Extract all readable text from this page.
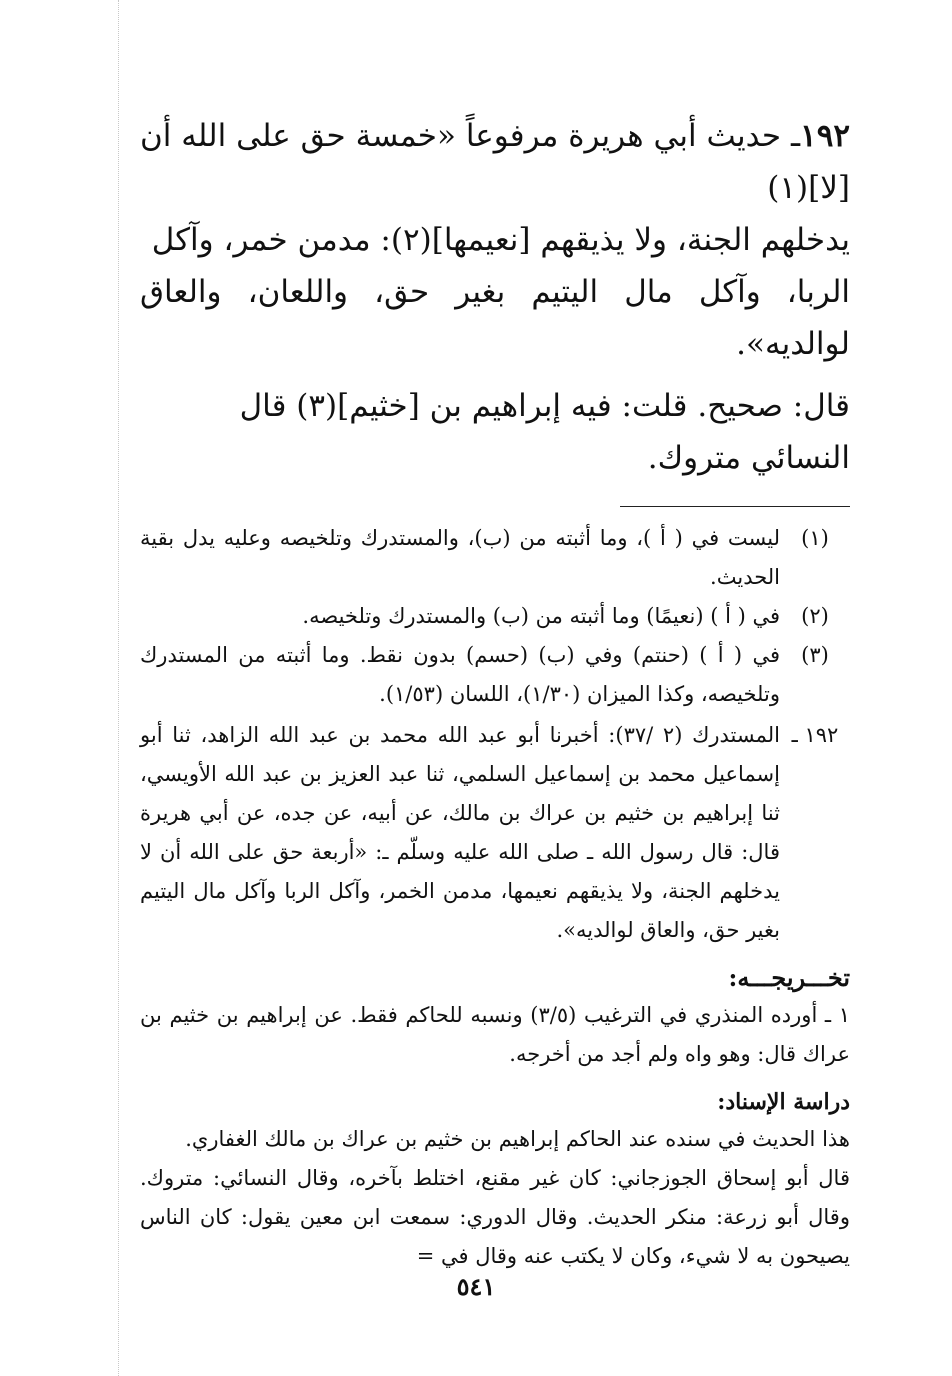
١٩٢ـ حديث أبي هريرة مرفوعاً «خمسة حق على الله أن [لا](١)

يدخلهم الجنة، ولا يذيقهم [نعيمها](٢): مدمن خمر، وآكل

الربا، وآكل مال اليتيم بغير حق، واللعان، والعاق لوالديه».

قال: صحيح. قلت: فيه إبراهيم بن [خثيم](٣) قال

النسائي متروك.

(١)
ليست في ( أ )، وما أثبته من (ب)، والمستدرك وتلخيصه وعليه يدل بقية الحديث.
(٢)
في ( أ ) (نعيمًا) وما أثبته من (ب) والمستدرك وتلخيصه.
(٣)
في ( أ ) (حنتم) وفي (ب) (حسم) بدون نقط. وما أثبته من المستدرك وتلخيصه، وكذا الميزان (١/٣٠)، اللسان (١/٥٣).
١٩٢ ـ
المستدرك (٢ /٣٧): أخبرنا أبو عبد الله محمد بن عبد الله الزاهد، ثنا أبو إسماعيل محمد بن إسماعيل السلمي، ثنا عبد العزيز بن عبد الله الأويسي، ثنا إبراهيم بن خثيم بن عراك بن مالك، عن أبيه، عن جده، عن أبي هريرة قال: قال رسول الله ـ صلى الله عليه وسلّم ـ: «أربعة حق على الله أن لا يدخلهم الجنة، ولا يذيقهم نعيمها، مدمن الخمر، وآكل الربا وآكل مال اليتيم بغير حق، والعاق لوالديه».
تخـــريجـــه:

١ ـ أورده المنذري في الترغيب (٣/٥) ونسبه للحاكم فقط. عن إبراهيم بن خثيم بن عراك قال: وهو واه ولم أجد من أخرجه.

دراسة الإسناد:

هذا الحديث في سنده عند الحاكم إبراهيم بن خثيم بن عراك بن مالك الغفاري.

قال أبو إسحاق الجوزجاني: كان غير مقنع، اختلط بآخره، وقال النسائي: متروك. وقال أبو زرعة: منكر الحديث. وقال الدوري: سمعت ابن معين يقول: كان الناس يصيحون به لا شيء، وكان لا يكتب عنه وقال في =

٥٤١
